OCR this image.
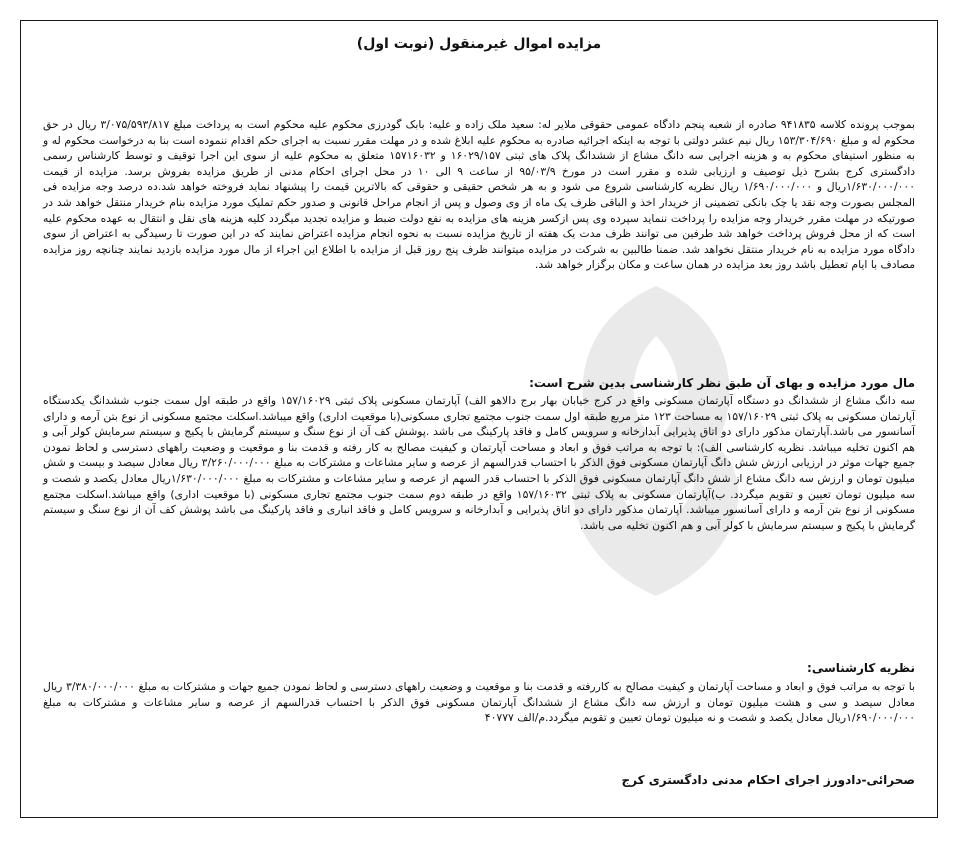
مزایده اموال غیرمنقول (نوبت اول)
بموجب پرونده کلاسه ۹۴۱۸۳۵ صادره از شعبه پنجم دادگاه عمومی حقوقی ملایر له: سعید ملک زاده و علیه: بابک گودرزی محکوم علیه محکوم است به پرداخت مبلغ ۳/۰۷۵/۵۹۳/۸۱۷ ریال در حق محکوم له و مبلغ ۱۵۳/۳۰۴/۶۹۰ ریال نیم عشر دولتی با توجه به اینکه اجرائیه صادره به محکوم علیه ابلاغ شده و در مهلت مقرر نسبت به اجرای حکم اقدام ننموده است بنا به درخواست محکوم له و به منظور استیفای محکوم به و هزینه اجرایی سه دانگ مشاع از ششدانگ پلاک های ثبتی ۱۶۰۲۹/۱۵۷ و ۱۵۷۱۶۰۳۲ متعلق به محکوم علیه از سوی این اجرا توقیف و توسط کارشناس رسمی دادگستری کرج بشرح ذیل توصیف و ارزیابی شده و مقرر است در مورخ ۹۵/۰۳/۹ از ساعت ۹ الی ۱۰ در محل اجرای احکام مدنی از طریق مزایده بفروش برسد. مزایده از قیمت ۱/۶۳۰/۰۰۰/۰۰۰ریال و ۱/۶۹۰/۰۰۰/۰۰۰ ریال نظریه کارشناسی شروع می شود و به هر شخص حقیقی و حقوقی که بالاترین قیمت را پیشنهاد نماید فروخته خواهد شد.ده درصد وجه مزایده فی المجلس بصورت وجه نقد یا چک بانکی تضمینی از خریدار اخذ و الباقی ظرف یک ماه از وی وصول و پس از انجام مراحل قانونی و صدور حکم تملیک مورد مزایده بنام خریدار منتقل خواهد شد در صورتیکه در مهلت مقرر خریدار وجه مزایده را پرداخت ننماید سپرده وی پس ازکسر هزینه های مزایده به نفع دولت ضبط و مزایده تجدید میگردد کلیه هزینه های نقل و انتقال به عهده محکوم علیه است که از محل فروش پرداخت خواهد شد طرفین می توانند ظرف مدت یک هفته از تاریخ مزایده نسبت به نحوه انجام مزایده اعتراض نمایند که در این صورت تا رسیدگی به اعتراض از سوی دادگاه مورد مزایده به نام خریدار منتقل نخواهد شد. ضمنا طالبین به شرکت در مزایده میتوانند ظرف پنج روز قبل از مزایده با اطلاع این اجراء از مال مورد مزایده بازدید نمایند چنانچه روز مزایده مصادف با ایام تعطیل باشد روز بعد مزایده در همان ساعت و مکان برگزار خواهد شد.
مال مورد مزایده و بهای آن طبق نظر کارشناسی بدین شرح است:
سه دانگ مشاع از ششدانگ دو دستگاه آپارتمان مسکونی واقع در کرج خیابان بهار برج دالاهو الف) آپارتمان مسکونی پلاک ثبتی ۱۵۷/۱۶۰۲۹ واقع در طبقه اول سمت جنوب ششدانگ یکدستگاه آپارتمان مسکونی به پلاک ثبتی ۱۵۷/۱۶۰۲۹ به مساحت ۱۲۳ متر مربع طبقه اول سمت جنوب مجتمع تجاری مسکونی(با موقعیت اداری) واقع میباشد.اسکلت مجتمع مسکونی از نوع بتن آرمه و دارای آسانسور می باشد.آپارتمان مذکور دارای دو اتاق پذیرایی آبدارخانه و سرویس کامل و فاقد پارکینگ می باشد .پوشش کف آن از نوع سنگ و سیستم گرمایش با پکیج و سیستم سرمایش کولر آبی و هم اکنون تخلیه میباشد. نظریه کارشناسی الف): با توجه به مراتب فوق و ابعاد و مساحت آپارتمان و کیفیت مصالح به کار رفته و قدمت بنا و موقعیت و وضعیت راههای دسترسی و لحاظ نمودن جمیع جهات موثر در ارزیابی ارزش شش دانگ آپارتمان مسکونی فوق الذکر با احتساب قدرالسهم از عرصه و سایر مشاعات و مشترکات به مبلغ ۳/۲۶۰/۰۰۰/۰۰۰ ریال معادل سیصد و بیست و شش میلیون تومان و ارزش سه دانگ مشاع از شش دانگ آپارتمان مسکونی فوق الذکر با احتساب قدر السهم از عرصه و سایر مشاعات و مشترکات به مبلغ ۱/۶۳۰/۰۰۰/۰۰۰ریال معادل یکصد و شصت و سه میلیون تومان تعیین و تقویم میگردد. ب)آپارتمان مسکونی به پلاک ثبتی ۱۵۷/۱۶۰۳۲ واقع در طبقه دوم سمت جنوب مجتمع تجاری مسکونی (با موقعیت اداری) واقع میباشد.اسکلت مجتمع مسکونی از نوع بتن آرمه و دارای آسانسور میباشد. آپارتمان مذکور دارای دو اتاق پذیرایی و آبدارخانه و سرویس کامل و فاقد انباری و فاقد پارکینگ می باشد پوشش کف آن از نوع سنگ و سیستم گرمایش با پکیج و سیستم سرمایش با کولر آبی و هم اکنون تخلیه می باشد.
نظریه کارشناسی:
با توجه به مراتب فوق و ابعاد و مساحت آپارتمان و کیفیت مصالح به کاررفته و قدمت بنا و موقعیت و وضعیت راههای دسترسی و لحاظ نمودن جمیع جهات و مشترکات به مبلغ ۳/۳۸۰/۰۰۰/۰۰۰ ریال معادل سیصد و سی و هشت میلیون تومان و ارزش سه دانگ مشاع از ششدانگ آپارتمان مسکونی فوق الذکر با احتساب قدرالسهم از عرصه و سایر مشاعات و مشترکات به مبلغ ۱/۶۹۰/۰۰۰/۰۰۰ریال معادل یکصد و شصت و نه میلیون تومان تعیین و تقویم میگردد.م/الف ۴۰۷۷۷
صحرائی-دادورز اجرای احکام مدنی دادگستری کرج
